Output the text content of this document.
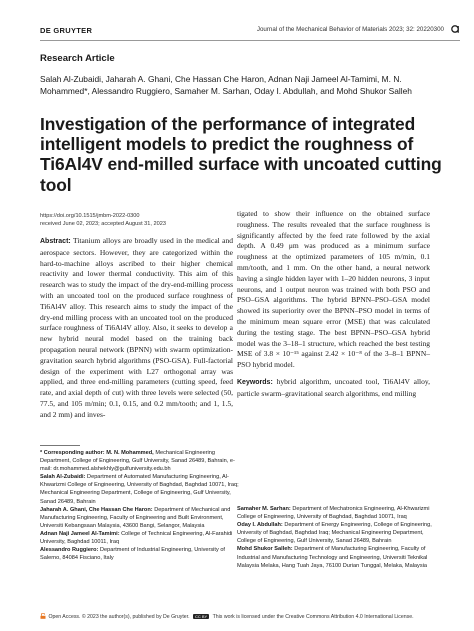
DE GRUYTER	Journal of the Mechanical Behavior of Materials 2023; 32: 20220300
Research Article
Salah Al-Zubaidi, Jaharah A. Ghani, Che Hassan Che Haron, Adnan Naji Jameel Al-Tamimi, M. N. Mohammed*, Alessandro Ruggiero, Samaher M. Sarhan, Oday I. Abdullah, and Mohd Shukor Salleh
Investigation of the performance of integrated intelligent models to predict the roughness of Ti6Al4V end-milled surface with uncoated cutting tool
https://doi.org/10.1515/jmbm-2022-0300
received June 02, 2023; accepted August 31, 2023

Abstract: Titanium alloys are broadly used in the medical and aerospace sectors. However, they are categorized within the hard-to-machine alloys ascribed to their higher chemical reactivity and lower thermal conductivity. This aim of this research was to study the impact of the dry-end-milling process with an uncoated tool on the produced surface roughness of Ti6Al4V alloy. This research aims to study the impact of the dry-end milling process with an uncoated tool on the produced surface roughness of Ti6Al4V alloy. Also, it seeks to develop a new hybrid neural model based on the training back propagation neural network (BPNN) with swarm optimization-gravitation search hybrid algorithms (PSO-GSA). Full-factorial design of the experiment with L27 orthogonal array was applied, and three end-milling parameters (cutting speed, feed rate, and axial depth of cut) with three levels were selected (50, 77.5, and 105 m/min; 0.1, 0.15, and 0.2 mm/tooth; and 1, 1.5, and 2 mm) and inves-

tigated to show their influence on the obtained surface roughness. The results revealed that the surface roughness is significantly affected by the feed rate followed by the axial depth. A 0.49 μm was produced as a minimum surface roughness at the optimized parameters of 105 m/min, 0.1 mm/tooth, and 1 mm. On the other hand, a neural network having a single hidden layer with 1–20 hidden neurons, 3 input neurons, and 1 output neuron was trained with both PSO and PSO–GSA algorithms. The hybrid BPNN–PSO–GSA model showed its superiority over the BPNN–PSO model in terms of the minimum mean square error (MSE) that was calculated during the testing stage. The best BPNN–PSO–GSA hybrid model was the 3–18–1 structure, which reached the best testing MSE of 3.8 × 10⁻¹⁵ against 2.42 × 10⁻⁸ of the 3–8–1 BPNN–PSO hybrid model.

Keywords: hybrid algorithm, uncoated tool, Ti6Al4V alloy, particle swarm–gravitational search algorithms, end milling

* Corresponding author: M. N. Mohammed, Mechanical Engineering Department, College of Engineering, Gulf University, Sanad 26489, Bahrain, e-mail: dr.mohammed.alshekhly@gulfuniversity.edu.bh

Salah Al-Zubaidi: Department of Automated Manufacturing Engineering, Al-Khwarizmi College of Engineering, University of Baghdad, Baghdad 10071, Iraq; Mechanical Engineering Department, College of Engineering, Gulf University, Sanad 26489, Bahrain

Jaharah A. Ghani, Che Hassan Che Haron: Department of Mechanical and Manufacturing Engineering, Faculty of Engineering and Built Environment, Universiti Kebangsaan Malaysia, 43600 Bangi, Selangor, Malaysia

Adnan Naji Jameel Al-Tamimi: College of Technical Engineering, Al-Farahidi University, Baghdad 10011, Iraq

Alessandro Ruggiero: Department of Industrial Engineering, University of Salerno, 84084 Fisciano, Italy

Samaher M. Sarhan: Department of Mechatronics Engineering, Al-Khwarizmi College of Engineering, University of Baghdad, Baghdad 10071, Iraq

Oday I. Abdullah: Department of Energy Engineering, College of Engineering, University of Baghdad, Baghdad Iraq; Mechanical Engineering Department, College of Engineering, Gulf University, Sanad 26489, Bahrain

Mohd Shukor Salleh: Department of Manufacturing Engineering, Faculty of Industrial and Manufacturing Technology and Engineering, Universiti Teknikal Malaysia Melaka, Hang Tuah Jaya, 76100 Durian Tunggal, Melaka, Malaysia

Open Access. © 2023 the author(s), published by De Gruyter. CC BY This work is licensed under the Creative Commons Attribution 4.0 International License.
